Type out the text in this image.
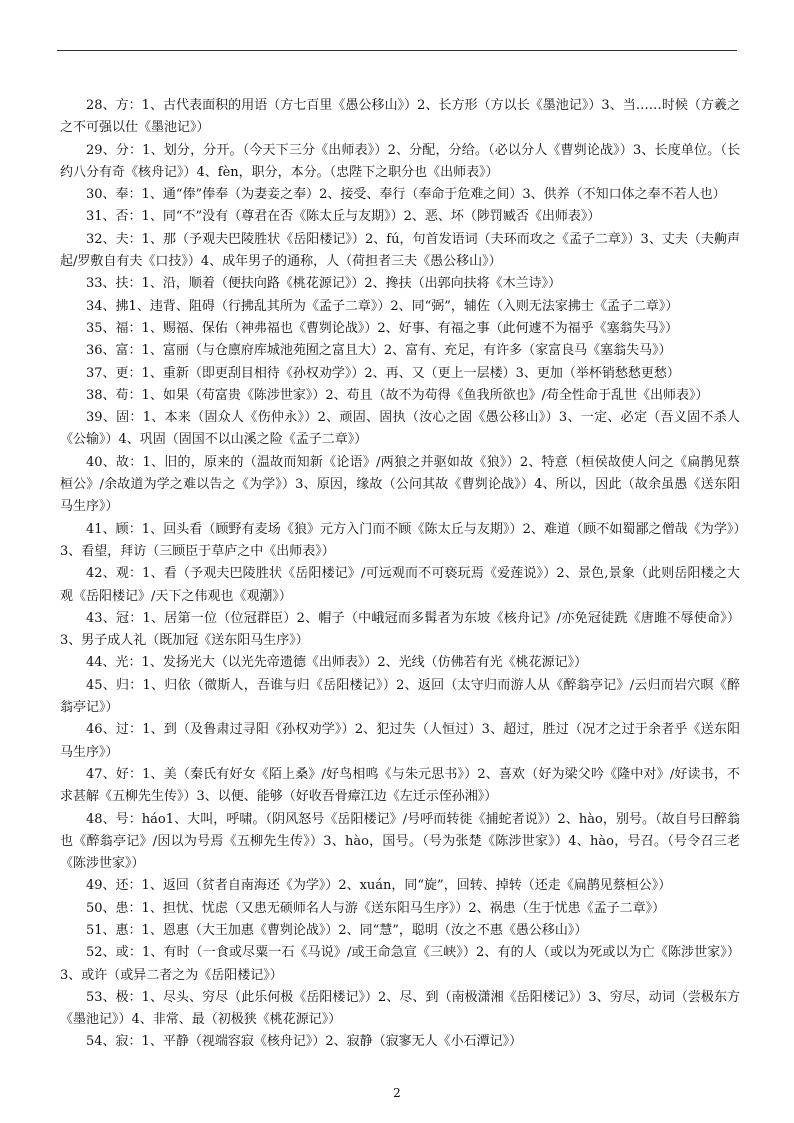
28、方：1、古代表面积的用语（方七百里《愚公移山》）2、长方形（方以长《墨池记》）3、当……时候（方羲之之不可强以仕《墨池记》）

29、分：1、划分，分开。（今天下三分《出师表》）2、分配，分给。（必以分人《曹刿论战》）3、长度单位。（长约八分有奇《核舟记》）4、fèn，职分，本分。（忠陛下之职分也《出师表》）

30、奉：1、通“俸”俸奉（为妻妾之奉）2、接受、奉行（奉命于危难之间）3、供养（不知口体之奉不若人也）

31、否：1、同“不”没有（尊君在否《陈太丘与友期》）2、恶、坏（陟罚臧否《出师表》）

32、夫：1、那（予观夫巴陵胜状《岳阳楼记》）2、fú，句首发语词（夫环而攻之《孟子二章》）3、丈夫（夫齁声起/罗敷自有夫《口技》）4、成年男子的通称，人（荷担者三夫《愚公移山》）

33、扶：1、沿，顺着（便扶向路《桃花源记》）2、搀扶（出郭向扶将《木兰诗》）

34、拂1、违背、阻碍（行拂乱其所为《孟子二章》）2、同“弼”，辅佐（入则无法家拂士《孟子二章》）

35、福：1、赐福、保佑（神弗福也《曹刿论战》）2、好事、有福之事（此何遽不为福乎《塞翁失马》）

36、富：1、富丽（与仓廪府库城池苑囿之富且大）2、富有、充足，有许多（家富良马《塞翁失马》）

37、更：1、重新（即更刮目相待《孙权劝学》）2、再、又（更上一层楼）3、更加（举杯销愁愁更愁）

38、苟：1、如果（苟富贵《陈涉世家》）2、苟且（故不为苟得《鱼我所欲也》/苟全性命于乱世《出师表》）

39、固：1、本来（固众人《伤仲永》）2、顽固、固执（汝心之固《愚公移山》）3、一定、必定（吾义固不杀人《公输》）4、巩固（固国不以山溪之险《孟子二章》）

40、故：1、旧的，原来的（温故而知新《论语》/两狼之并驱如故《狼》）2、特意（桓侯故使人问之《扁鹊见蔡桓公》/余故道为学之难以告之《为学》）3、原因，缘故（公问其故《曹刿论战》）4、所以，因此（故余虽愚《送东阳马生序》）

41、顾：1、回头看（顾野有麦场《狼》元方入门而不顾《陈太丘与友期》）2、难道（顾不如蜀鄙之僧哉《为学》）3、看望，拜访（三顾臣于草庐之中《出师表》）

42、观：1、看（予观夫巴陵胜状《岳阳楼记》/可远观而不可亵玩焉《爱莲说》）2、景色,景象（此则岳阳楼之大观《岳阳楼记》/天下之伟观也《观潮》）

43、冠：1、居第一位（位冠群臣）2、帽子（中峨冠而多髯者为东坡《核舟记》/亦免冠徒跣《唐雎不辱使命》）3、男子成人礼（既加冠《送东阳马生序》）

44、光：1、发扬光大（以光先帝遗德《出师表》）2、光线（仿佛若有光《桃花源记》）

45、归：1、归依（微斯人，吾谁与归《岳阳楼记》）2、返回（太守归而游人从《醉翁亭记》/云归而岩穴暝《醉翁亭记》）

46、过：1、到（及鲁肃过寻阳《孙权劝学》）2、犯过失（人恒过）3、超过，胜过（况才之过于余者乎《送东阳马生序》）

47、好：1、美（秦氏有好女《陌上桑》/好鸟相鸣《与朱元思书》）2、喜欢（好为梁父吟《隆中对》/好读书，不求甚解《五柳先生传》）3、以便、能够（好收吾骨瘴江边《左迁示侄孙湘》）

48、号：háo1、大叫，呼啸。（阴风怒号《岳阳楼记》/号呼而转徙《捕蛇者说》）2、hào，别号。（故自号曰醉翁也《醉翁亭记》/因以为号焉《五柳先生传》）3、hào，国号。（号为张楚《陈涉世家》）4、hào，号召。（号令召三老《陈涉世家》）

49、还：1、返回（贫者自南海还《为学》）2、xuán，同“旋”，回转、掉转（还走《扁鹊见蔡桓公》）

50、患：1、担忧、忧虑（又患无硕师名人与游《送东阳马生序》）2、祸患（生于忧患《孟子二章》）

51、惠：1、恩惠（大王加惠《曹刿论战》）2、同“慧”，聪明（汝之不惠《愚公移山》）

52、或：1、有时（一食或尽粟一石《马说》/或王命急宣《三峡》）2、有的人（或以为死或以为亡《陈涉世家》）3、或许（或异二者之为《岳阳楼记》）

53、极：1、尽头、穷尽（此乐何极《岳阳楼记》）2、尽、到（南极潇湘《岳阳楼记》）3、穷尽，动词（尝极东方《墨池记》）4、非常、最（初极狭《桃花源记》）

54、寂：1、平静（视端容寂《核舟记》）2、寂静（寂寥无人《小石潭记》）

2
